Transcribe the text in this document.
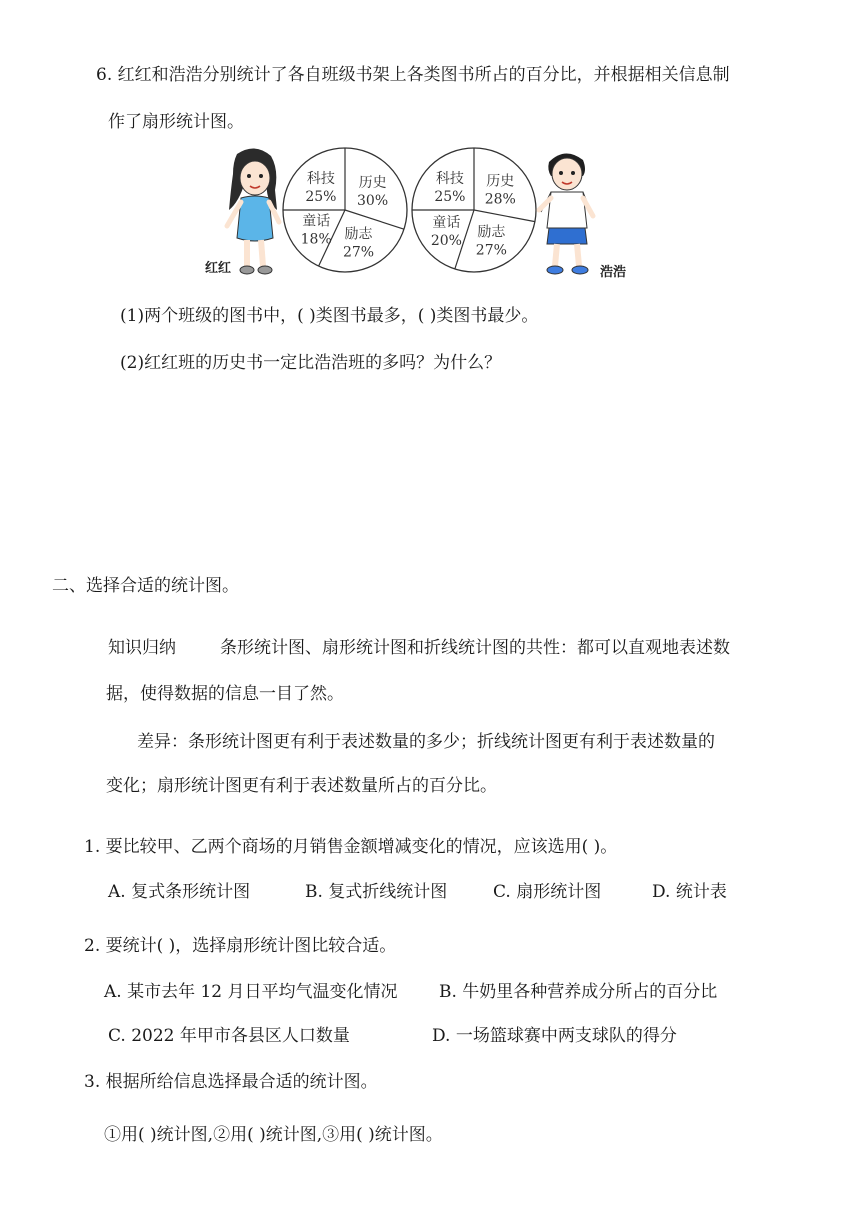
6. 红红和浩浩分别统计了各自班级书架上各类图书所占的百分比，并根据相关信息制
作了扇形统计图。
红红
历史
30%
励志
27%
童话
18%
科技
25%
历史
28%
励志
27%
童话
20%
科技
25%
浩浩
(1)两个班级的图书中，( )类图书最多，( )类图书最少。
(2)红红班的历史书一定比浩浩班的多吗？为什么？
二、选择合适的统计图。
知识归纳	条形统计图、扇形统计图和折线统计图的共性：都可以直观地表述数
据，使得数据的信息一目了然。
差异：条形统计图更有利于表述数量的多少；折线统计图更有利于表述数量的
变化；扇形统计图更有利于表述数量所占的百分比。
1. 要比较甲、乙两个商场的月销售金额增减变化的情况，应该选用( )。
A. 复式条形统计图	B. 复式折线统计图	C. 扇形统计图	D. 统计表
2. 要统计( )，选择扇形统计图比较合适。
A. 某市去年 12 月日平均气温变化情况 B. 牛奶里各种营养成分所占的百分比
C. 2022 年甲市各县区人口数量	D. 一场篮球赛中两支球队的得分
3. 根据所给信息选择最合适的统计图。
①用( )统计图,②用( )统计图,③用( )统计图。
